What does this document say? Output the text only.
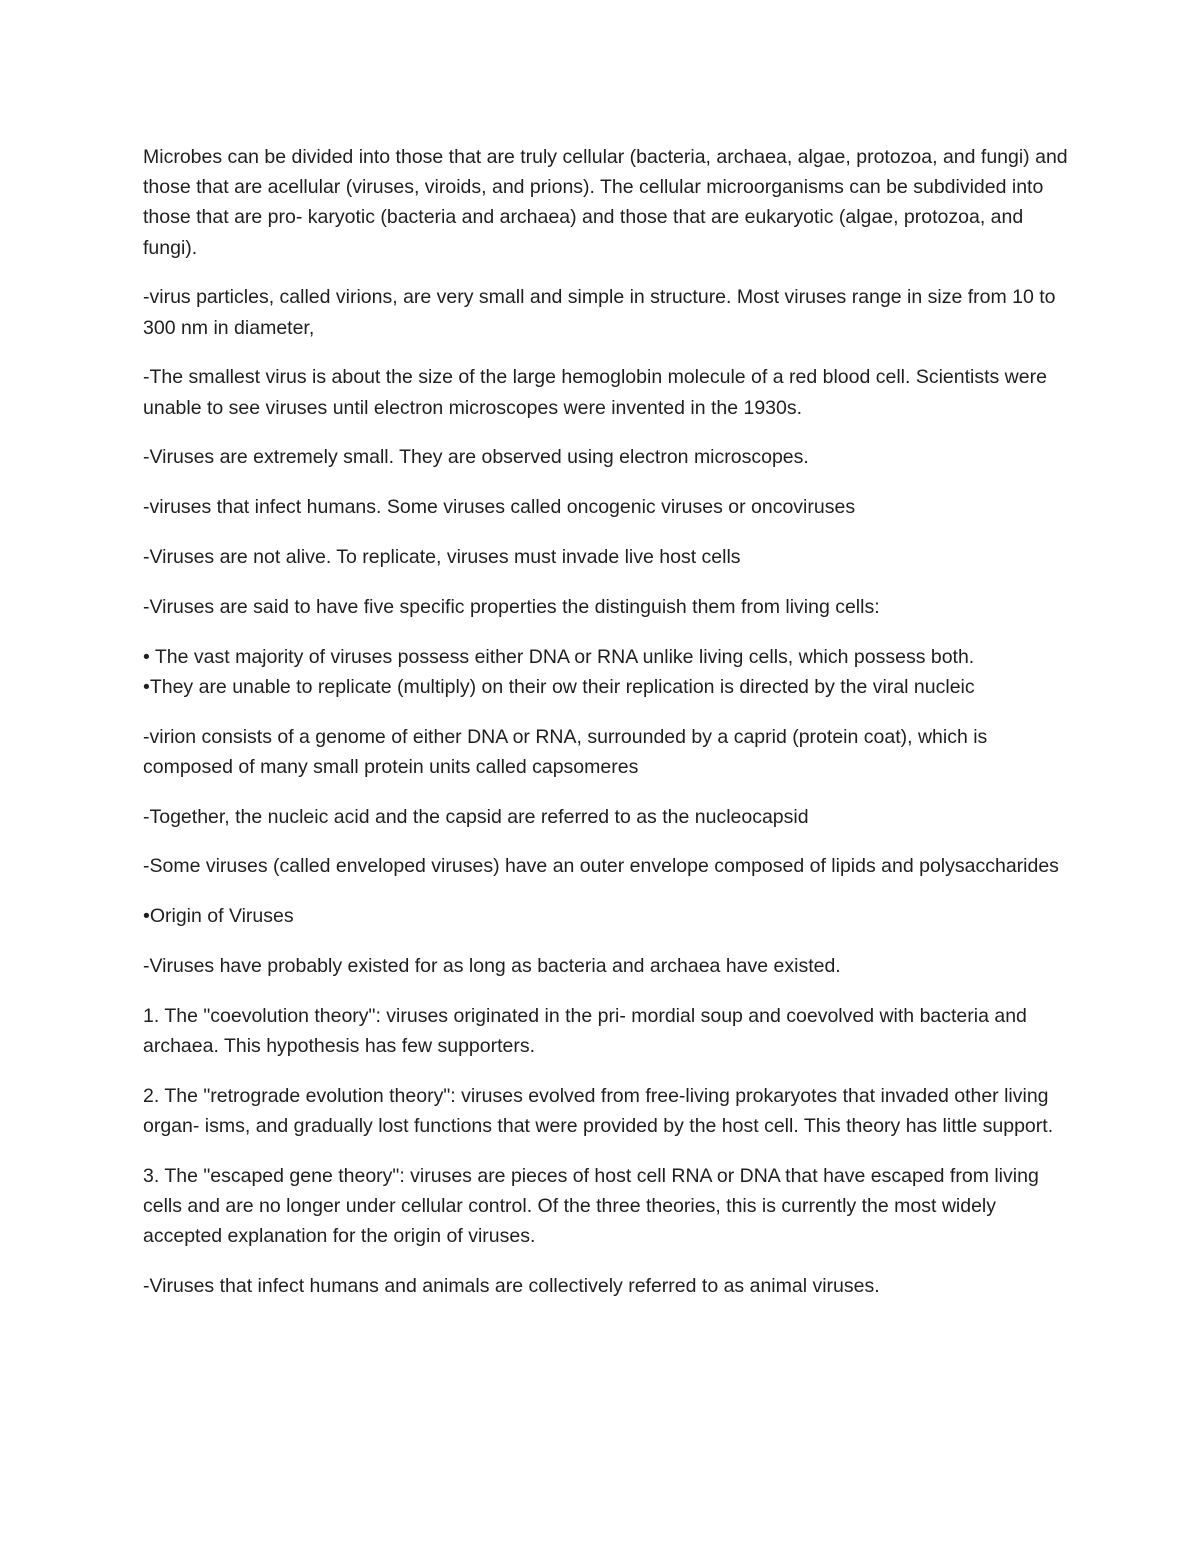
Microbes can be divided into those that are truly cellular (bacteria, archaea, algae, protozoa, and fungi) and those that are acellular (viruses, viroids, and prions). The cellular microorganisms can be subdivided into those that are pro- karyotic (bacteria and archaea) and those that are eukaryotic (algae, protozoa, and fungi).

-virus particles, called virions, are very small and simple in structure. Most viruses range in size from 10 to 300 nm in diameter,

-The smallest virus is about the size of the large hemoglobin molecule of a red blood cell. Scientists were unable to see viruses until electron microscopes were invented in the 1930s.

-Viruses are extremely small. They are observed using electron microscopes.

-viruses that infect humans. Some viruses called oncogenic viruses or oncoviruses

-Viruses are not alive. To replicate, viruses must invade live host cells

-Viruses are said to have five specific properties the distinguish them from living cells:

• The vast majority of viruses possess either DNA or RNA unlike living cells, which possess both.

•They are unable to replicate (multiply) on their ow their replication is directed by the viral nucleic

-virion consists of a genome of either DNA or RNA, surrounded by a caprid (protein coat), which is composed of many small protein units called capsomeres

-Together, the nucleic acid and the capsid are referred to as the nucleocapsid

-Some viruses (called enveloped viruses) have an outer envelope composed of lipids and polysaccharides

•Origin of Viruses

-Viruses have probably existed for as long as bacteria and archaea have existed.

1. The "coevolution theory": viruses originated in the pri- mordial soup and coevolved with bacteria and archaea. This hypothesis has few supporters.

2. The "retrograde evolution theory": viruses evolved from free-living prokaryotes that invaded other living organ- isms, and gradually lost functions that were provided by the host cell. This theory has little support.

3. The "escaped gene theory": viruses are pieces of host cell RNA or DNA that have escaped from living cells and are no longer under cellular control. Of the three theories, this is currently the most widely accepted explanation for the origin of viruses.

-Viruses that infect humans and animals are collectively referred to as animal viruses.
